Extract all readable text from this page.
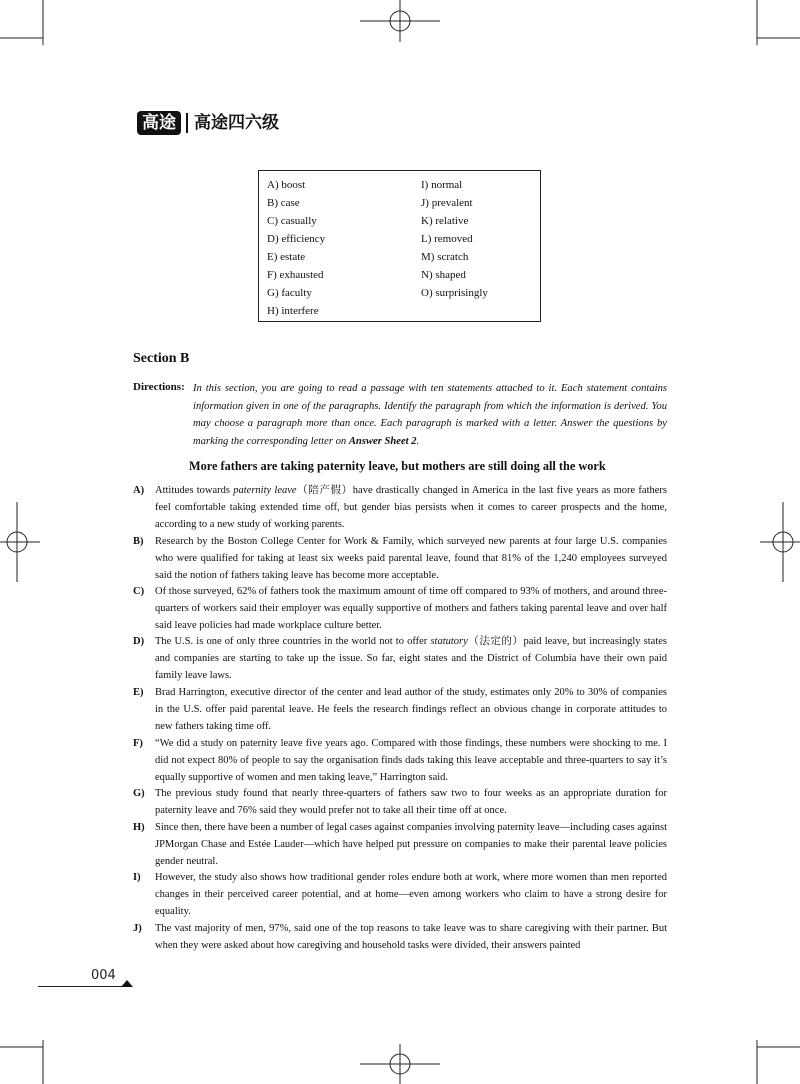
高途 高途四六级
A) boost
B) case
C) casually
D) efficiency
E) estate
F) exhausted
G) faculty
H) interfere
I) normal
J) prevalent
K) relative
L) removed
M) scratch
N) shaped
O) surprisingly
Section B
Directions: In this section, you are going to read a passage with ten statements attached to it. Each statement contains information given in one of the paragraphs. Identify the paragraph from which the information is derived. You may choose a paragraph more than once. Each paragraph is marked with a letter. Answer the questions by marking the corresponding letter on Answer Sheet 2.

More fathers are taking paternity leave, but mothers are still doing all the work
A) Attitudes towards paternity leave（陪产假）have drastically changed in America in the last five years as more fathers feel comfortable taking extended time off, but gender bias persists when it comes to career prospects and the home, according to a new study of working parents.

B) Research by the Boston College Center for Work & Family, which surveyed new parents at four large U.S. companies who were qualified for taking at least six weeks paid parental leave, found that 81% of the 1,240 employees surveyed said the notion of fathers taking leave has become more acceptable.

C) Of those surveyed, 62% of fathers took the maximum amount of time off compared to 93% of mothers, and around three-quarters of workers said their employer was equally supportive of mothers and fathers taking parental leave and over half said leave policies had made workplace culture better.

D) The U.S. is one of only three countries in the world not to offer statutory（法定的）paid leave, but increasingly states and companies are starting to take up the issue. So far, eight states and the District of Columbia have their own paid family leave laws.

E) Brad Harrington, executive director of the center and lead author of the study, estimates only 20% to 30% of companies in the U.S. offer paid parental leave. He feels the research findings reflect an obvious change in corporate attitudes to new fathers taking time off.

F) “We did a study on paternity leave five years ago. Compared with those findings, these numbers were shocking to me. I did not expect 80% of people to say the organisation finds dads taking this leave acceptable and three-quarters to say it’s equally supportive of women and men taking leave,” Harrington said.

G) The previous study found that nearly three-quarters of fathers saw two to four weeks as an appropriate duration for paternity leave and 76% said they would prefer not to take all their time off at once.

H) Since then, there have been a number of legal cases against companies involving paternity leave—including cases against JPMorgan Chase and Estée Lauder—which have helped put pressure on companies to make their parental leave policies gender neutral.

I) However, the study also shows how traditional gender roles endure both at work, where more women than men reported changes in their perceived career potential, and at home—even among workers who claim to have a strong desire for equality.

J) The vast majority of men, 97%, said one of the top reasons to take leave was to share caregiving with their partner. But when they were asked about how caregiving and household tasks were divided, their answers painted

004
